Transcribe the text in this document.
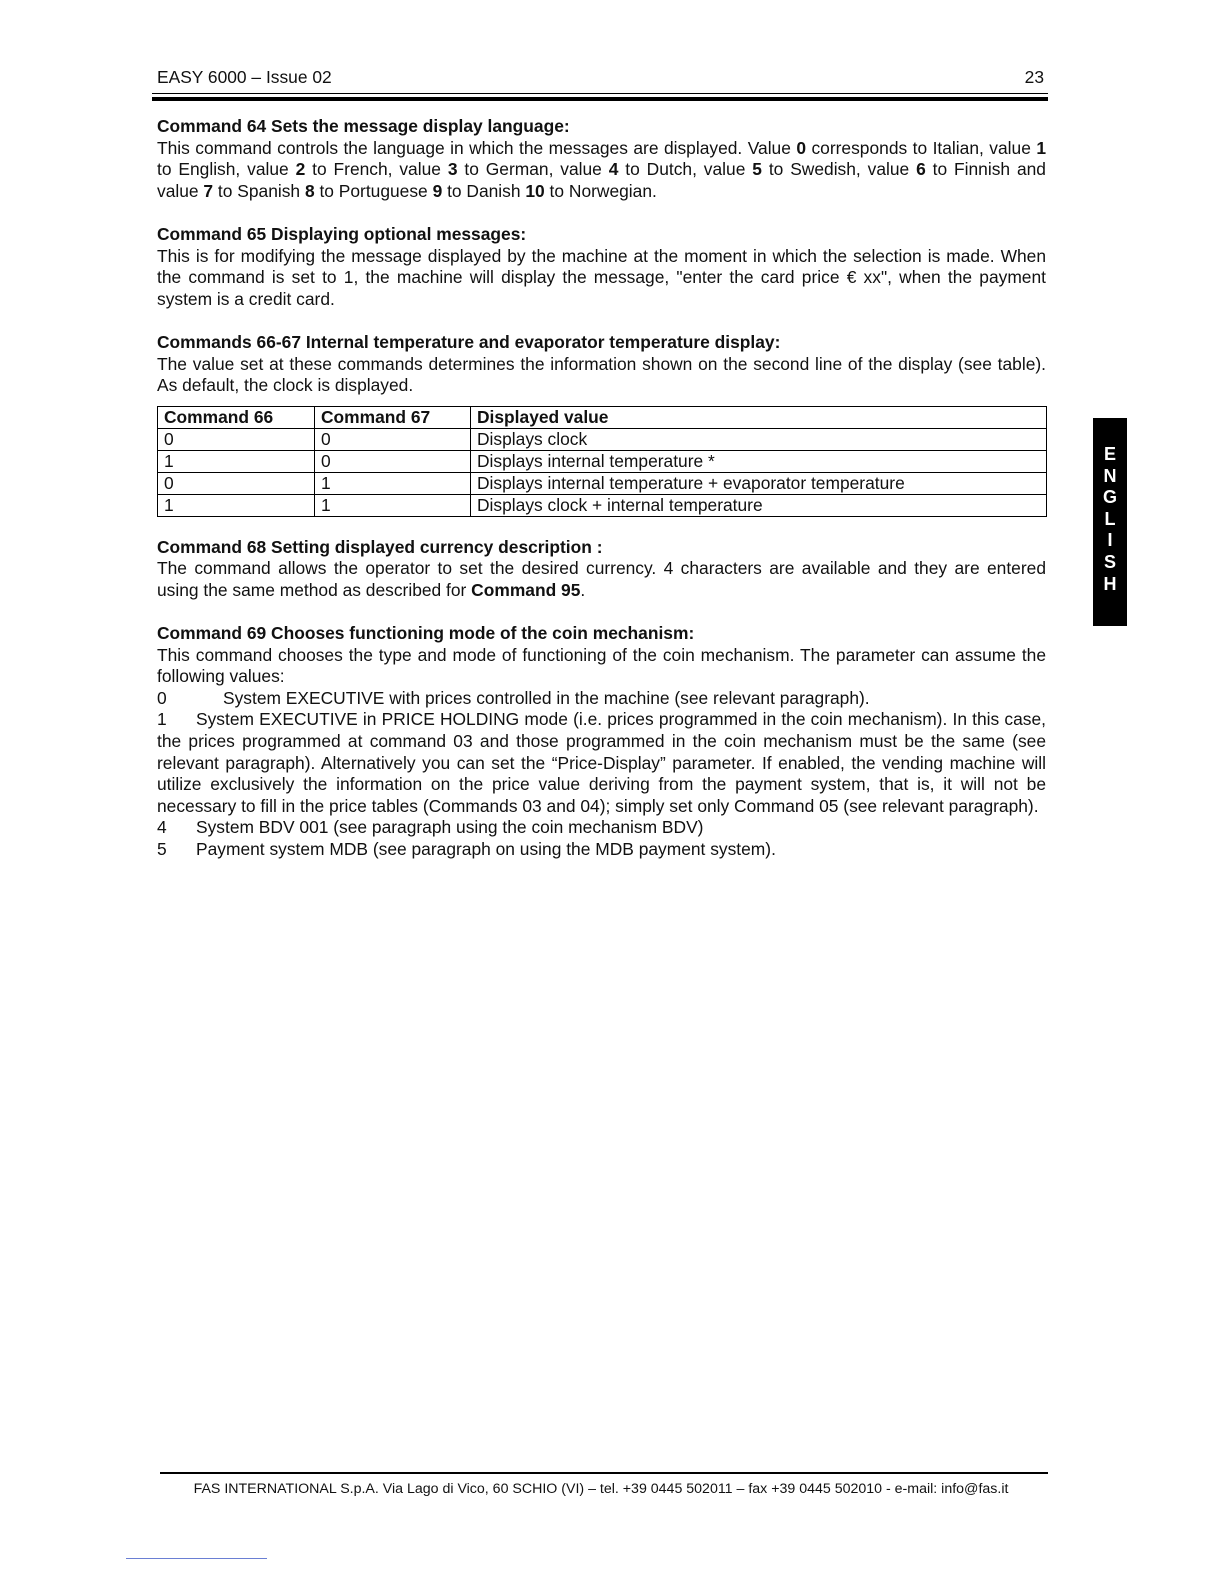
EASY 6000 – Issue 02	23
Command 64 Sets the message display language:
This command controls the language in which the messages are displayed. Value 0 corresponds to Italian, value 1 to English, value 2 to French, value 3 to German, value 4 to Dutch, value 5 to Swedish, value 6 to Finnish and value 7 to Spanish 8 to Portuguese 9 to Danish 10 to Norwegian.
Command 65 Displaying optional messages:
This is for modifying the message displayed by the machine at the moment in which the selection is made. When the command is set to 1, the machine will display the message, "enter the card price € xx", when the payment system is a credit card.
Commands 66-67 Internal temperature and evaporator temperature display:
The value set at these commands determines the information shown on the second line of the display (see table). As default, the clock is displayed.
Command 66	Command 67	Displayed value
0	0	Displays clock
1	0	Displays internal temperature *
0	1	Displays internal temperature + evaporator temperature
1	1	Displays clock + internal temperature
Command 68 Setting displayed currency description :
The command allows the operator to set the desired currency. 4 characters are available and they are entered using the same method as described for Command 95.
Command 69 Chooses functioning mode of the coin mechanism:
This command chooses the type and mode of functioning of the coin mechanism. The parameter can assume the following values:
0	System EXECUTIVE with prices controlled in the machine (see relevant paragraph).
1 System EXECUTIVE in PRICE HOLDING mode (i.e. prices programmed in the coin mechanism). In this case, the prices programmed at command 03 and those programmed in the coin mechanism must be the same (see relevant paragraph). Alternatively you can set the “Price-Display” parameter. If enabled, the vending machine will utilize exclusively the information on the price value deriving from the payment system, that is, it will not be necessary to fill in the price tables (Commands 03 and 04); simply set only Command 05 (see relevant paragraph).
4	System BDV 001 (see paragraph using the coin mechanism BDV)
5	Payment system MDB (see paragraph on using the MDB payment system).
E
N
G
L
I
S
H
FAS INTERNATIONAL S.p.A. Via Lago di Vico, 60 SCHIO (VI) – tel. +39 0445 502011 – fax +39 0445 502010 - e-mail: info@fas.it
